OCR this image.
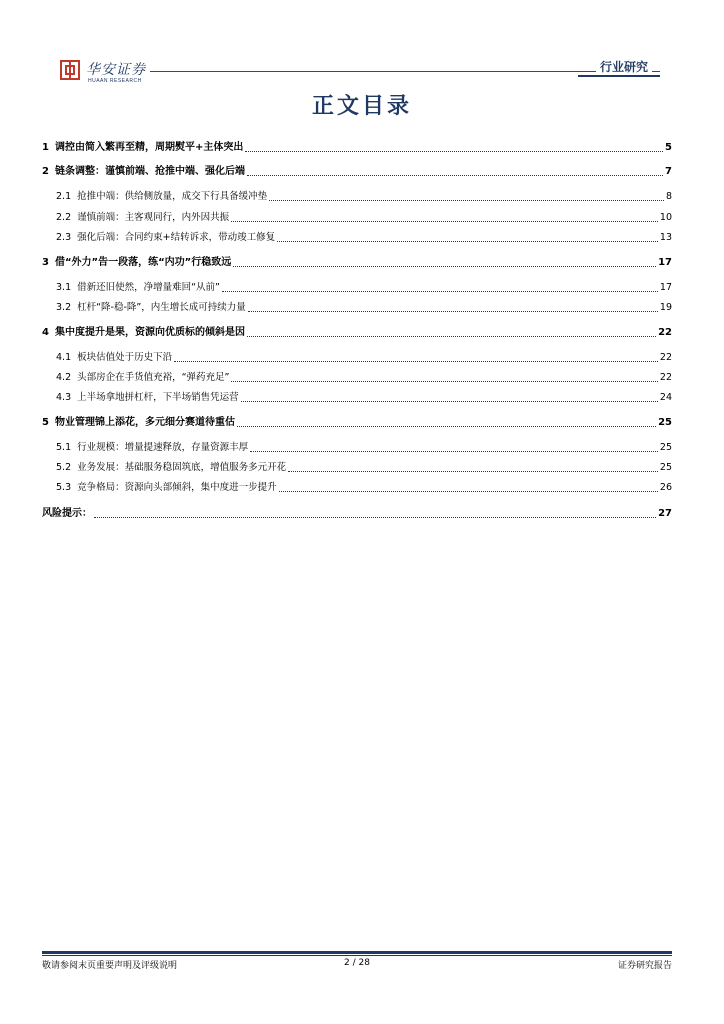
华安证券
HUAAN RESEARCH
行业研究
正文目录
1 调控由简入繁再至精，周期熨平+主体突出	5
2 链条调整：谨慎前端、抢推中端、强化后端	7
2.1 抢推中端：供给侧放量，成交下行具备缓冲垫	8
2.2 谨慎前端：主客观同行，内外因共振	10
2.3 强化后端：合同约束+结转诉求，带动竣工修复	13
3 借“外力”告一段落，练“内功”行稳致远	17
3.1 借新还旧使然，净增量难回“从前”	17
3.2 杠杆“降-稳-降”，内生增长成可持续力量	19
4 集中度提升是果，资源向优质标的倾斜是因	22
4.1 板块估值处于历史下沿	22
4.2 头部房企在手货值充裕，“弹药充足”	22
4.3 上半场拿地拼杠杆，下半场销售凭运营	24
5 物业管理锦上添花，多元细分赛道待重估	25
5.1 行业规模：增量提速释放，存量资源丰厚	25
5.2 业务发展：基础服务稳固筑底，增值服务多元开花	25
5.3 竞争格局：资源向头部倾斜，集中度进一步提升	26
风险提示：	27
敬请参阅末页重要声明及评级说明	2 / 28	证券研究报告
